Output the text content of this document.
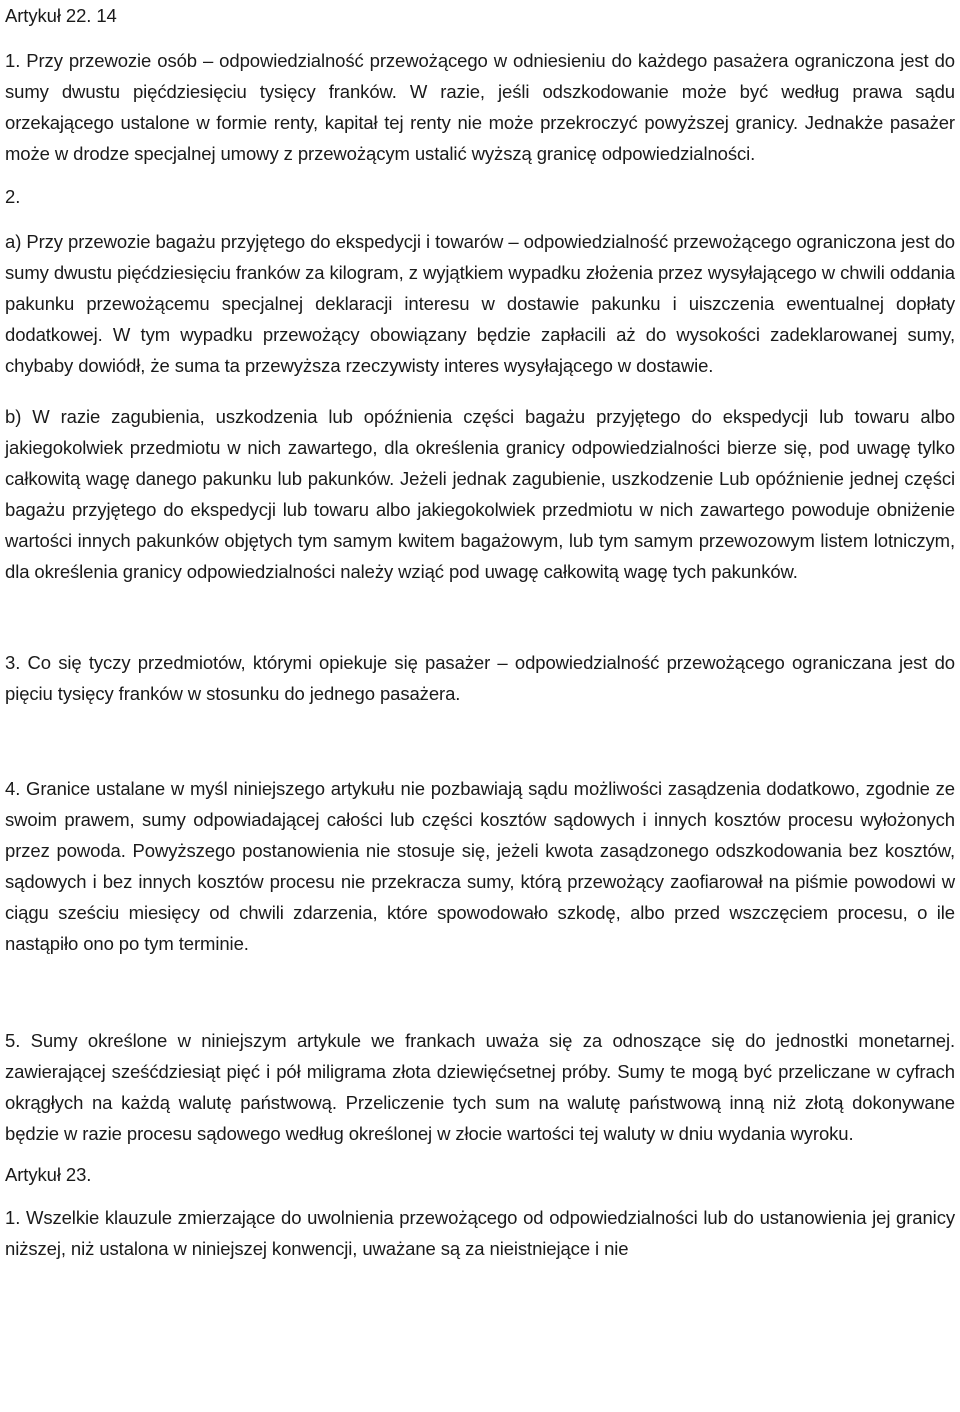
Artykuł 22. 14

1. Przy przewozie osób – odpowiedzialność przewożącego w odniesieniu do każdego pasażera ograniczona jest do sumy dwustu pięćdziesięciu tysięcy franków. W razie, jeśli odszkodowanie może być według prawa sądu orzekającego ustalone w formie renty, kapitał tej renty nie może przekroczyć powyższej granicy. Jednakże pasażer może w drodze specjalnej umowy z przewożącym ustalić wyższą granicę odpowiedzialności.

2.

a) Przy przewozie bagażu przyjętego do ekspedycji i towarów – odpowiedzialność przewożącego ograniczona jest do sumy dwustu pięćdziesięciu franków za kilogram, z wyjątkiem wypadku złożenia przez wysyłającego w chwili oddania pakunku przewożącemu specjalnej deklaracji interesu w dostawie pakunku i uiszczenia ewentualnej dopłaty dodatkowej. W tym wypadku przewożący obowiązany będzie zapłacili aż do wysokości zadeklarowanej sumy, chybaby dowiódł, że suma ta przewyższa rzeczywisty interes wysyłającego w dostawie.

b) W razie zagubienia, uszkodzenia lub opóźnienia części bagażu przyjętego do ekspedycji lub towaru albo jakiegokolwiek przedmiotu w nich zawartego, dla określenia granicy odpowiedzialności bierze się, pod uwagę tylko całkowitą wagę danego pakunku lub pakunków. Jeżeli jednak zagubienie, uszkodzenie Lub opóźnienie jednej części bagażu przyjętego do ekspedycji lub towaru albo jakiegokolwiek przedmiotu w nich zawartego powoduje obniżenie wartości innych pakunków objętych tym samym kwitem bagażowym, lub tym samym przewozowym listem lotniczym, dla określenia granicy odpowiedzialności należy wziąć pod uwagę całkowitą wagę tych pakunków.

3. Co się tyczy przedmiotów, którymi opiekuje się pasażer – odpowiedzialność przewożącego ograniczana jest do pięciu tysięcy franków w stosunku do jednego pasażera.

4. Granice ustalane w myśl niniejszego artykułu nie pozbawiają sądu możliwości zasądzenia dodatkowo, zgodnie ze swoim prawem, sumy odpowiadającej całości lub części kosztów sądowych i innych kosztów procesu wyłożonych przez powoda. Powyższego postanowienia nie stosuje się, jeżeli kwota zasądzonego odszkodowania bez kosztów, sądowych i bez innych kosztów procesu nie przekracza sumy, którą przewożący zaofiarował na piśmie powodowi w ciągu sześciu miesięcy od chwili zdarzenia, które spowodowało szkodę, albo przed wszczęciem procesu, o ile nastąpiło ono po tym terminie.

5. Sumy określone w niniejszym artykule we frankach uważa się za odnoszące się do jednostki monetarnej. zawierającej sześćdziesiąt pięć i pół miligrama złota dziewięćsetnej próby. Sumy te mogą być przeliczane w cyfrach okrągłych na każdą walutę państwową. Przeliczenie tych sum na walutę państwową inną niż złotą dokonywane będzie w razie procesu sądowego według określonej w złocie wartości tej waluty w dniu wydania wyroku.

Artykuł 23.

1. Wszelkie klauzule zmierzające do uwolnienia przewożącego od odpowiedzialności lub do ustanowienia jej granicy niższej, niż ustalona w niniejszej konwencji, uważane są za nieistniejące i nie
